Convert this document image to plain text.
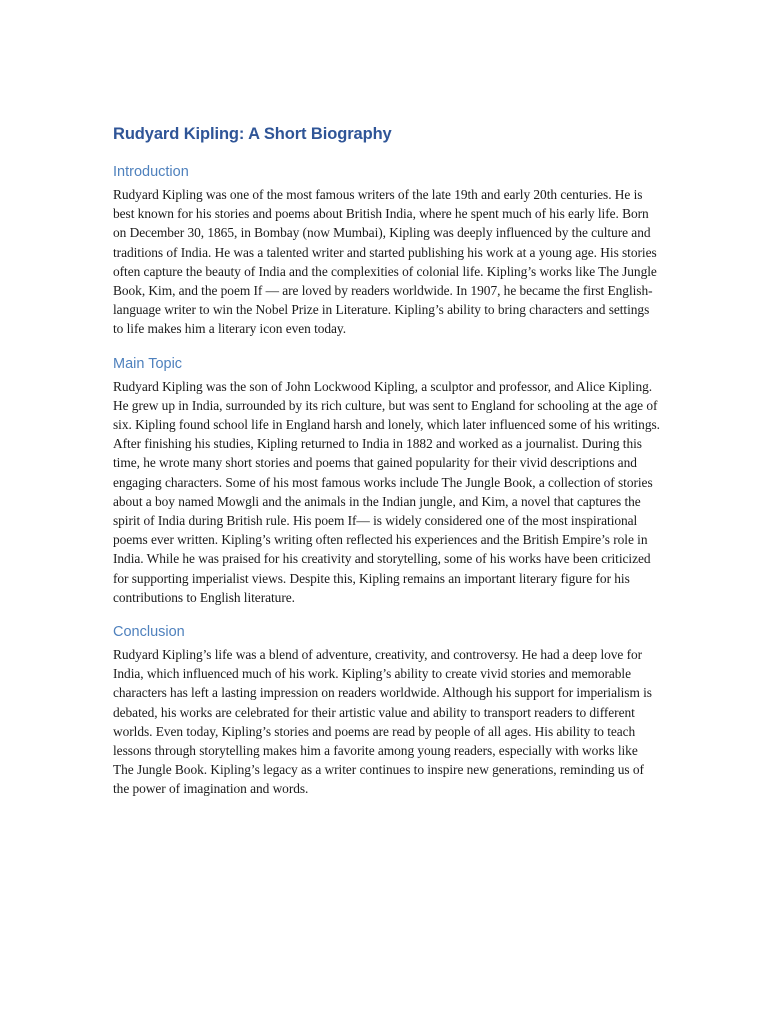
Rudyard Kipling: A Short Biography
Introduction

Rudyard Kipling was one of the most famous writers of the late 19th and early 20th centuries. He is best known for his stories and poems about British India, where he spent much of his early life. Born on December 30, 1865, in Bombay (now Mumbai), Kipling was deeply influenced by the culture and traditions of India. He was a talented writer and started publishing his work at a young age. His stories often capture the beauty of India and the complexities of colonial life. Kipling’s works like The Jungle Book, Kim, and the poem If — are loved by readers worldwide. In 1907, he became the first English-language writer to win the Nobel Prize in Literature. Kipling’s ability to bring characters and settings to life makes him a literary icon even today.

Main Topic

Rudyard Kipling was the son of John Lockwood Kipling, a sculptor and professor, and Alice Kipling. He grew up in India, surrounded by its rich culture, but was sent to England for schooling at the age of six. Kipling found school life in England harsh and lonely, which later influenced some of his writings. After finishing his studies, Kipling returned to India in 1882 and worked as a journalist. During this time, he wrote many short stories and poems that gained popularity for their vivid descriptions and engaging characters. Some of his most famous works include The Jungle Book, a collection of stories about a boy named Mowgli and the animals in the Indian jungle, and Kim, a novel that captures the spirit of India during British rule. His poem If— is widely considered one of the most inspirational poems ever written. Kipling’s writing often reflected his experiences and the British Empire’s role in India. While he was praised for his creativity and storytelling, some of his works have been criticized for supporting imperialist views. Despite this, Kipling remains an important literary figure for his contributions to English literature.

Conclusion

Rudyard Kipling’s life was a blend of adventure, creativity, and controversy. He had a deep love for India, which influenced much of his work. Kipling’s ability to create vivid stories and memorable characters has left a lasting impression on readers worldwide. Although his support for imperialism is debated, his works are celebrated for their artistic value and ability to transport readers to different worlds. Even today, Kipling’s stories and poems are read by people of all ages. His ability to teach lessons through storytelling makes him a favorite among young readers, especially with works like The Jungle Book. Kipling’s legacy as a writer continues to inspire new generations, reminding us of the power of imagination and words.
